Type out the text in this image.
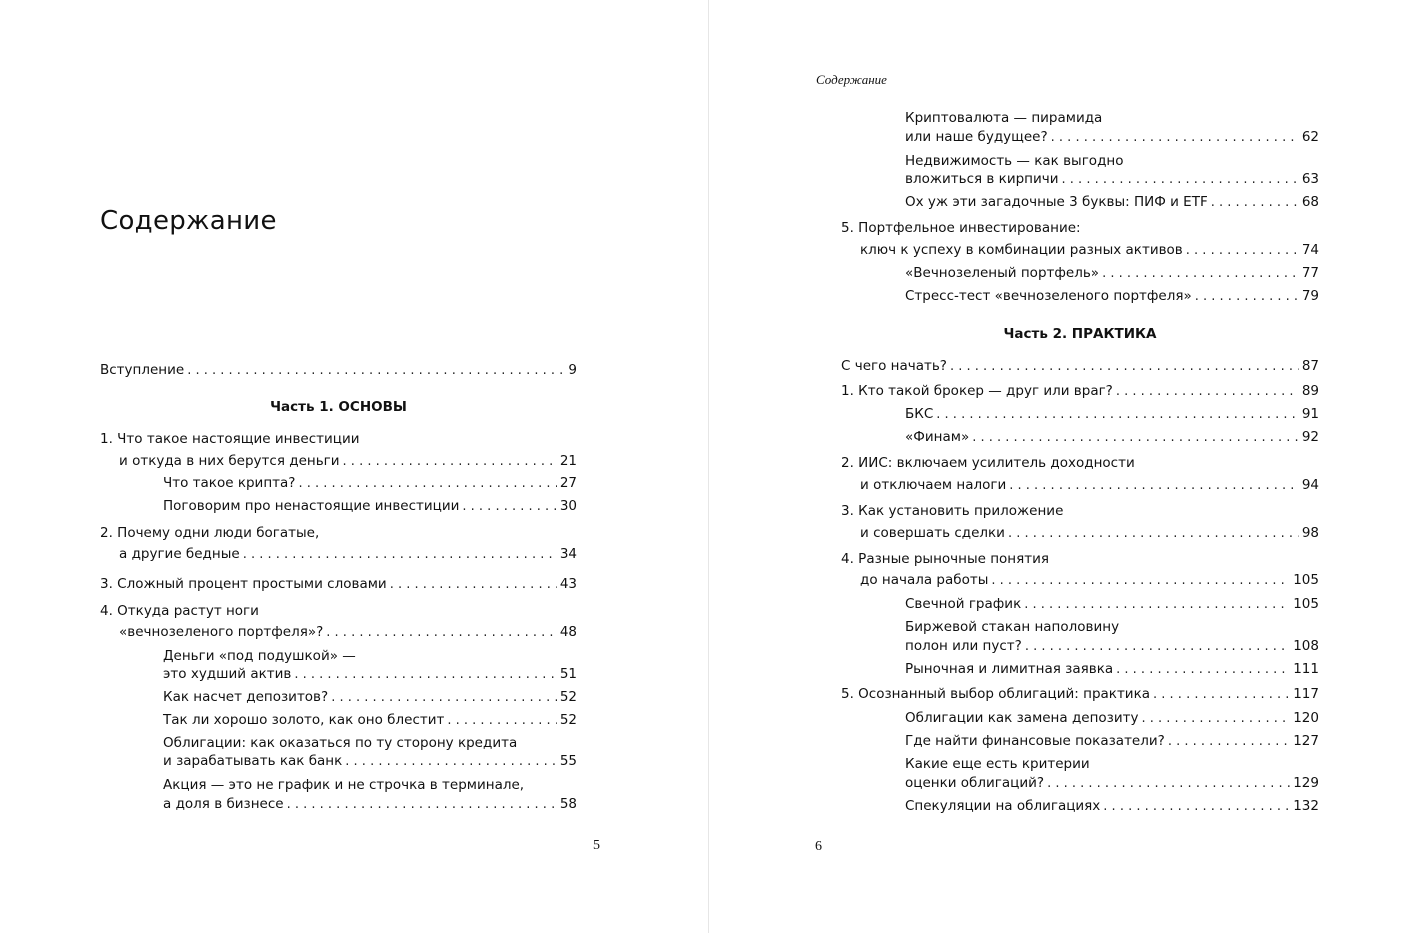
Содержание
Вступление . . .	9
Часть 1. ОСНОВЫ
1. Что такое настоящие инвестиции
и откуда в них берутся деньги . . .	21
Что такое крипта? . . .	27
Поговорим про ненастоящие инвестиции . . .	30
2. Почему одни люди богатые,
а другие бедные . . .	34
3. Сложный процент простыми словами . . .	43
4. Откуда растут ноги
«вечнозеленого портфеля»? . . .	48
Деньги «под подушкой» —
это худший актив . . .	51
Как насчет депозитов? . . .	52
Так ли хорошо золото, как оно блестит . . .	52
Облигации: как оказаться по ту сторону кредита
и зарабатывать как банк . . .	55
Акция — это не график и не строчка в терминале,
а доля в бизнесе . . .	58
5
Содержание
Криптовалюта — пирамида
или наше будущее? . . .	62
Недвижимость — как выгодно
вложиться в кирпичи . . .	63
Ох уж эти загадочные 3 буквы: ПИФ и ETF . . .	68
5. Портфельное инвестирование:
ключ к успеху в комбинации разных активов . . .	74
«Вечнозеленый портфель» . . .	77
Стресс-тест «вечнозеленого портфеля» . . .	79
Часть 2. ПРАКТИКА
С чего начать? . . .	87
1. Кто такой брокер — друг или враг? . . .	89
БКС . . .	91
«Финам» . . .	92
2. ИИС: включаем усилитель доходности
и отключаем налоги . . .	94
3. Как установить приложение
и совершать сделки . . .	98
4. Разные рыночные понятия
до начала работы . . .	105
Свечной график . . .	105
Биржевой стакан наполовину
полон или пуст? . . .	108
Рыночная и лимитная заявка . . .	111
5. Осознанный выбор облигаций: практика . . .	117
Облигации как замена депозиту . . .	120
Где найти финансовые показатели? . . .	127
Какие еще есть критерии
оценки облигаций? . . .	129
Спекуляции на облигациях . . .	132
6
